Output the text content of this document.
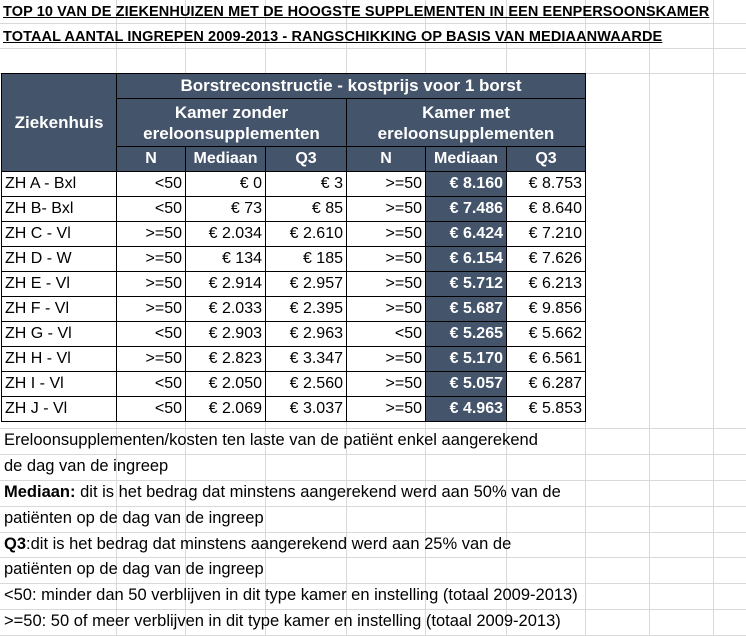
TOP 10 VAN DE ZIEKENHUIZEN MET DE HOOGSTE SUPPLEMENTEN IN EEN EENPERSOONSKAMER
TOTAAL AANTAL INGREPEN 2009-2013 - RANGSCHIKKING OP BASIS VAN MEDIAANWAARDE
Ziekenhuis	Borstreconstructie - kostprijs voor 1 borst					
	Kamer zonder ereloonsupplementen			Kamer met ereloonsupplementen		
	N	Mediaan	Q3	N	Mediaan	Q3
ZH A - Bxl	<50	€ 0	€ 3	>=50	€ 8.160	€ 8.753
ZH B- Bxl	<50	€ 73	€ 85	>=50	€ 7.486	€ 8.640
ZH C - Vl	>=50	€ 2.034	€ 2.610	>=50	€ 6.424	€ 7.210
ZH D - W	>=50	€ 134	€ 185	>=50	€ 6.154	€ 7.626
ZH E - Vl	>=50	€ 2.914	€ 2.957	>=50	€ 5.712	€ 6.213
ZH F - Vl	>=50	€ 2.033	€ 2.395	>=50	€ 5.687	€ 9.856
ZH G - Vl	<50	€ 2.903	€ 2.963	<50	€ 5.265	€ 5.662
ZH H - Vl	>=50	€ 2.823	€ 3.347	>=50	€ 5.170	€ 6.561
ZH I - Vl	<50	€ 2.050	€ 2.560	>=50	€ 5.057	€ 6.287
ZH J - Vl	<50	€ 2.069	€ 3.037	>=50	€ 4.963	€ 5.853
Ereloonsupplementen/kosten ten laste van de patiënt enkel aangerekend
de dag van de ingreep
Mediaan: dit is het bedrag dat minstens aangerekend werd aan 50% van de
patiënten op de dag van de ingreep
Q3:dit is het bedrag dat minstens aangerekend werd aan 25% van de
patiënten op de dag van de ingreep
<50: minder dan 50 verblijven in dit type kamer en instelling (totaal 2009-2013)
>=50: 50 of meer verblijven in dit type kamer en instelling (totaal 2009-2013)
